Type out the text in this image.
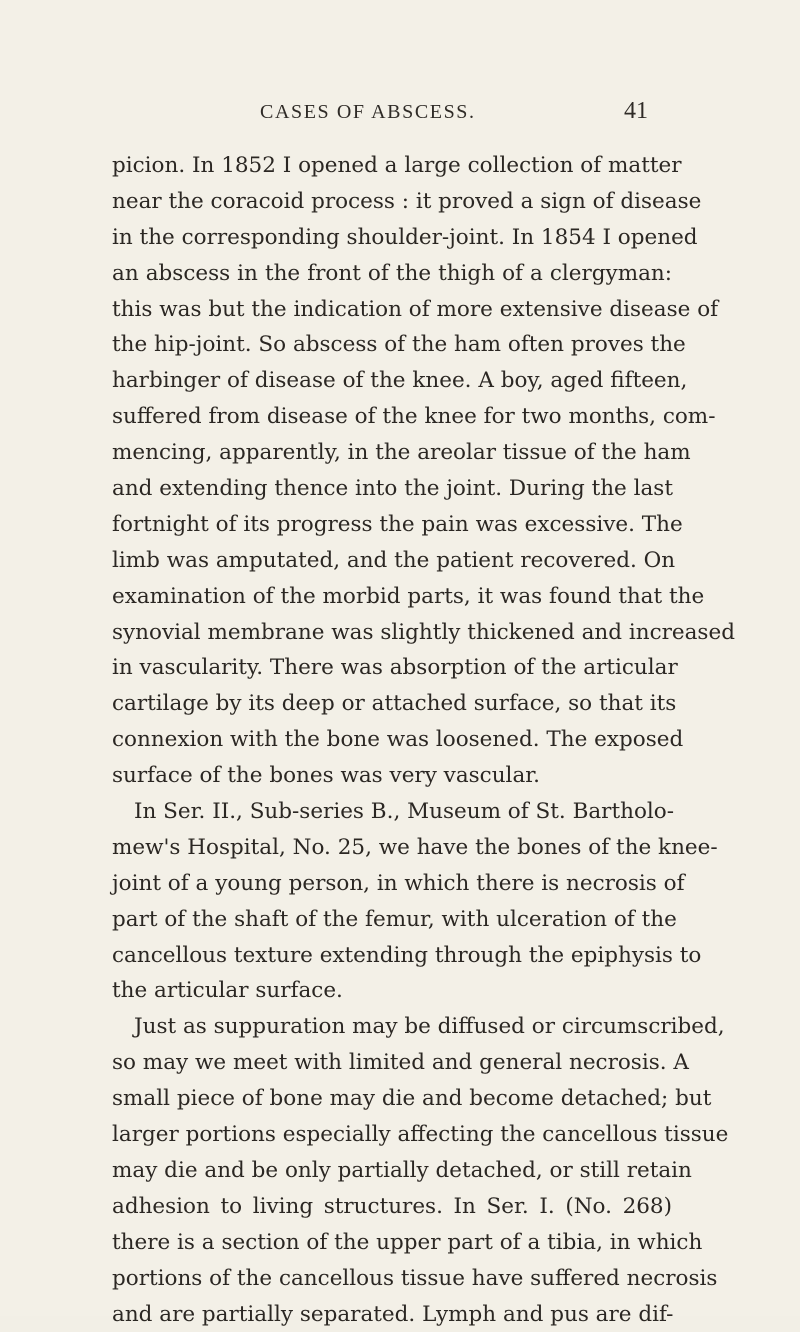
CASES OF ABSCESS.	41
picion. In 1852 I opened a large collection of matter
near the coracoid process : it proved a sign of disease
in the corresponding shoulder-joint. In 1854 I opened
an abscess in the front of the thigh of a clergyman:
this was but the indication of more extensive disease of
the hip-joint. So abscess of the ham often proves the
harbinger of disease of the knee. A boy, aged fifteen,
suffered from disease of the knee for two months, com-
mencing, apparently, in the areolar tissue of the ham
and extending thence into the joint. During the last
fortnight of its progress the pain was excessive. The
limb was amputated, and the patient recovered. On
examination of the morbid parts, it was found that the
synovial membrane was slightly thickened and increased
in vascularity. There was absorption of the articular
cartilage by its deep or attached surface, so that its
connexion with the bone was loosened. The exposed
surface of the bones was very vascular.
In Ser. II., Sub-series B., Museum of St. Bartholo-
mew's Hospital, No. 25, we have the bones of the knee-
joint of a young person, in which there is necrosis of
part of the shaft of the femur, with ulceration of the
cancellous texture extending through the epiphysis to
the articular surface.
Just as suppuration may be diffused or circumscribed,
so may we meet with limited and general necrosis. A
small piece of bone may die and become detached; but
larger portions especially affecting the cancellous tissue
may die and be only partially detached, or still retain
adhesion to living structures. In Ser. I. (No. 268)
there is a section of the upper part of a tibia, in which
portions of the cancellous tissue have suffered necrosis
and are partially separated. Lymph and pus are dif-
